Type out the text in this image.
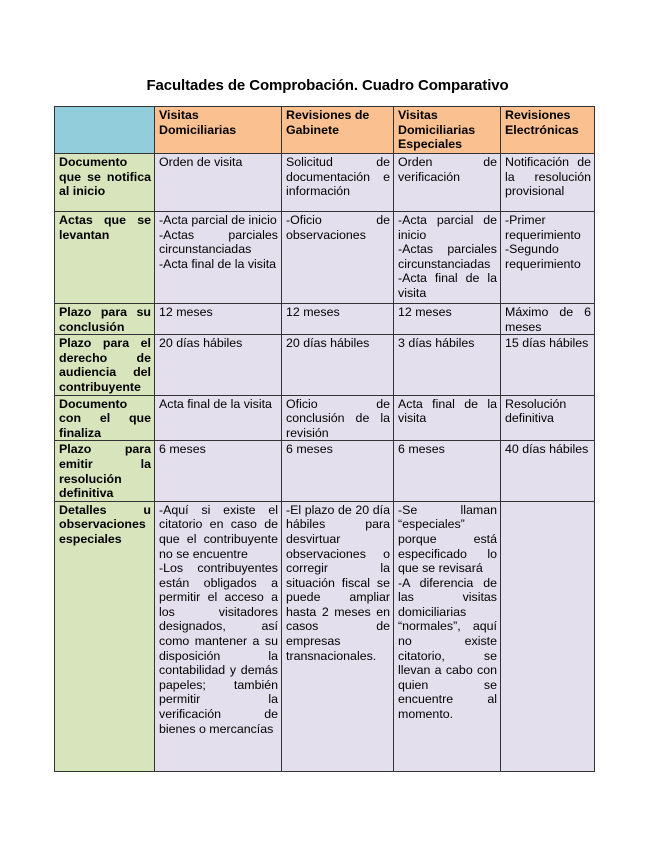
Facultades de Comprobación. Cuadro Comparativo
	Visitas Domiciliarias	Revisiones de Gabinete	Visitas Domiciliarias Especiales	Revisiones Electrónicas
Documento que se notifica al inicio	Orden de visita	Solicitud de documentación e información	Orden de verificación	Notificación de la resolución provisional

Actas que se levantan	-Acta parcial de inicio
-Actas parciales circunstanciadas
-Acta final de la visita	-Oficio de observaciones	-Acta parcial de inicio
-Actas parciales circunstanciadas
-Acta final de la visita	-Primer requerimiento
-Segundo requerimiento

Plazo para su conclusión	12 meses	12 meses	12 meses	Máximo de 6 meses

Plazo para el derecho de audiencia del contribuyente	20 días hábiles	20 días hábiles	3 días hábiles	15 días hábiles

Documento con el que finaliza	Acta final de la visita	Oficio de conclusión de la revisión	Acta final de la visita	Resolución definitiva

Plazo para emitir la resolución definitiva	6 meses	6 meses	6 meses	40 días hábiles

Detalles u observaciones especiales	-Aquí si existe el citatorio en caso de que el contribuyente no se encuentre
-Los contribuyentes están obligados a permitir el acceso a los visitadores designados, así como mantener a su disposición la contabilidad y demás papeles; también permitir la verificación de bienes o mercancías	-El plazo de 20 día hábiles para desvirtuar observaciones o corregir la situación fiscal se puede ampliar hasta 2 meses en casos de empresas transnacionales.	-Se llaman “especiales” porque está especificado lo que se revisará
-A diferencia de las visitas domiciliarias “normales”, aquí no existe citatorio, se llevan a cabo con quien se encuentre al momento.	
